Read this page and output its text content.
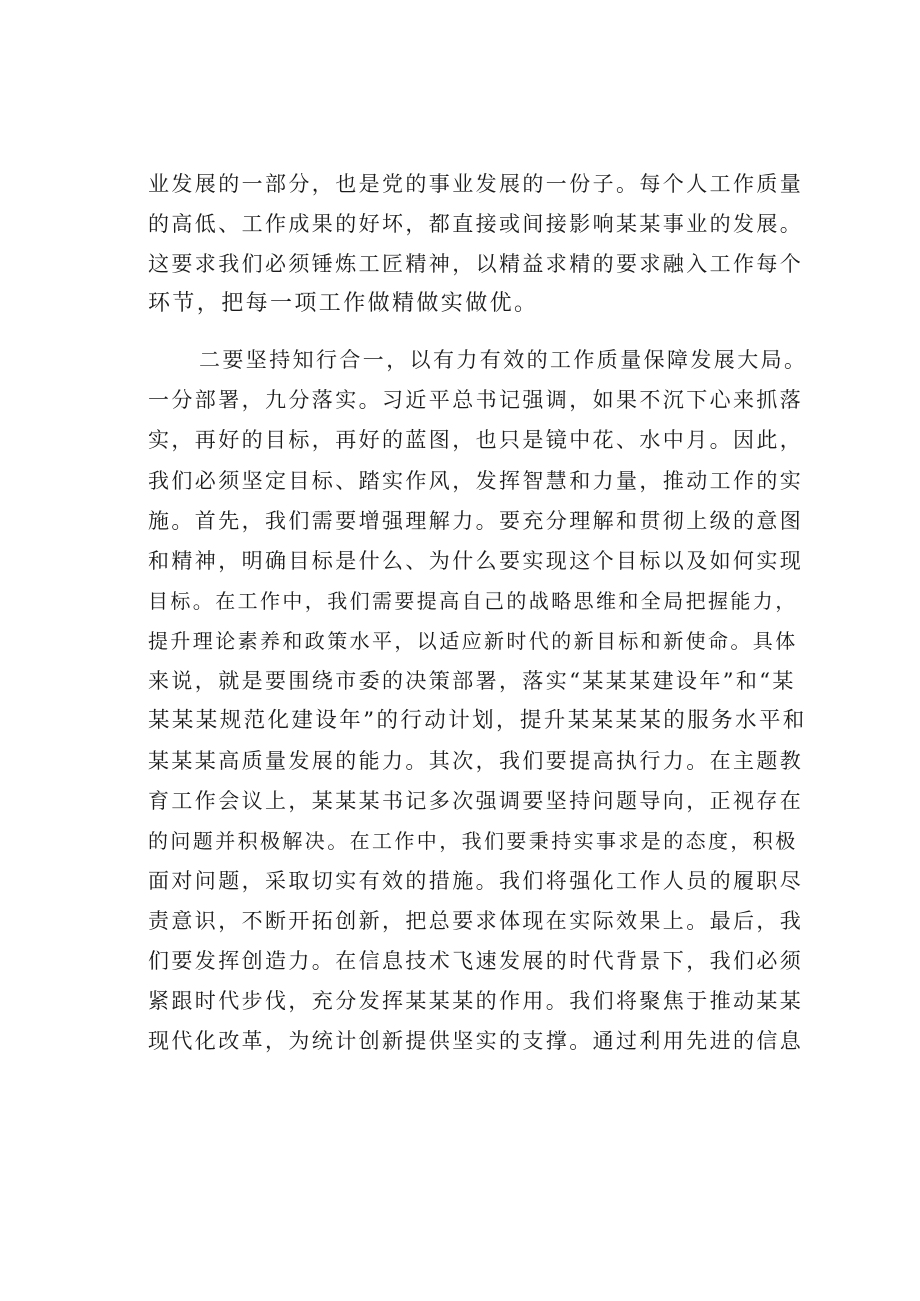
业发展的一部分，也是党的事业发展的一份子。每个人工作质量
的高低、工作成果的好坏，都直接或间接影响某某事业的发展。
这要求我们必须锤炼工匠精神，以精益求精的要求融入工作每个
环节，把每一项工作做精做实做优。
二要坚持知行合一，以有力有效的工作质量保障发展大局。
一分部署，九分落实。习近平总书记强调，如果不沉下心来抓落
实，再好的目标，再好的蓝图，也只是镜中花、水中月。因此，
我们必须坚定目标、踏实作风，发挥智慧和力量，推动工作的实
施。首先，我们需要增强理解力。要充分理解和贯彻上级的意图
和精神，明确目标是什么、为什么要实现这个目标以及如何实现
目标。在工作中，我们需要提高自己的战略思维和全局把握能力，
提升理论素养和政策水平，以适应新时代的新目标和新使命。具体
来说，就是要围绕市委的决策部署，落实“某某某建设年”和“某
某某某规范化建设年”的行动计划，提升某某某某的服务水平和
某某某高质量发展的能力。其次，我们要提高执行力。在主题教
育工作会议上，某某某书记多次强调要坚持问题导向，正视存在
的问题并积极解决。在工作中，我们要秉持实事求是的态度，积极
面对问题，采取切实有效的措施。我们将强化工作人员的履职尽
责意识，不断开拓创新，把总要求体现在实际效果上。最后，我
们要发挥创造力。在信息技术飞速发展的时代背景下，我们必须
紧跟时代步伐，充分发挥某某某的作用。我们将聚焦于推动某某
现代化改革，为统计创新提供坚实的支撑。通过利用先进的信息
